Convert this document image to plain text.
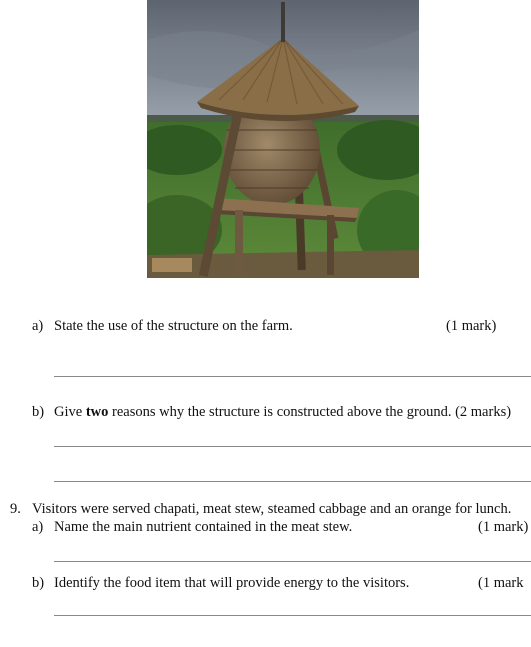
a) State the use of the structure on the farm.	(1 mark)
b) Give two reasons why the structure is constructed above the ground. (2 marks)
9. Visitors were served chapati, meat stew, steamed cabbage and an orange for lunch.
a) Name the main nutrient contained in the meat stew.	(1 mark)
b) Identify the food item that will provide energy to the visitors.	(1 mark
